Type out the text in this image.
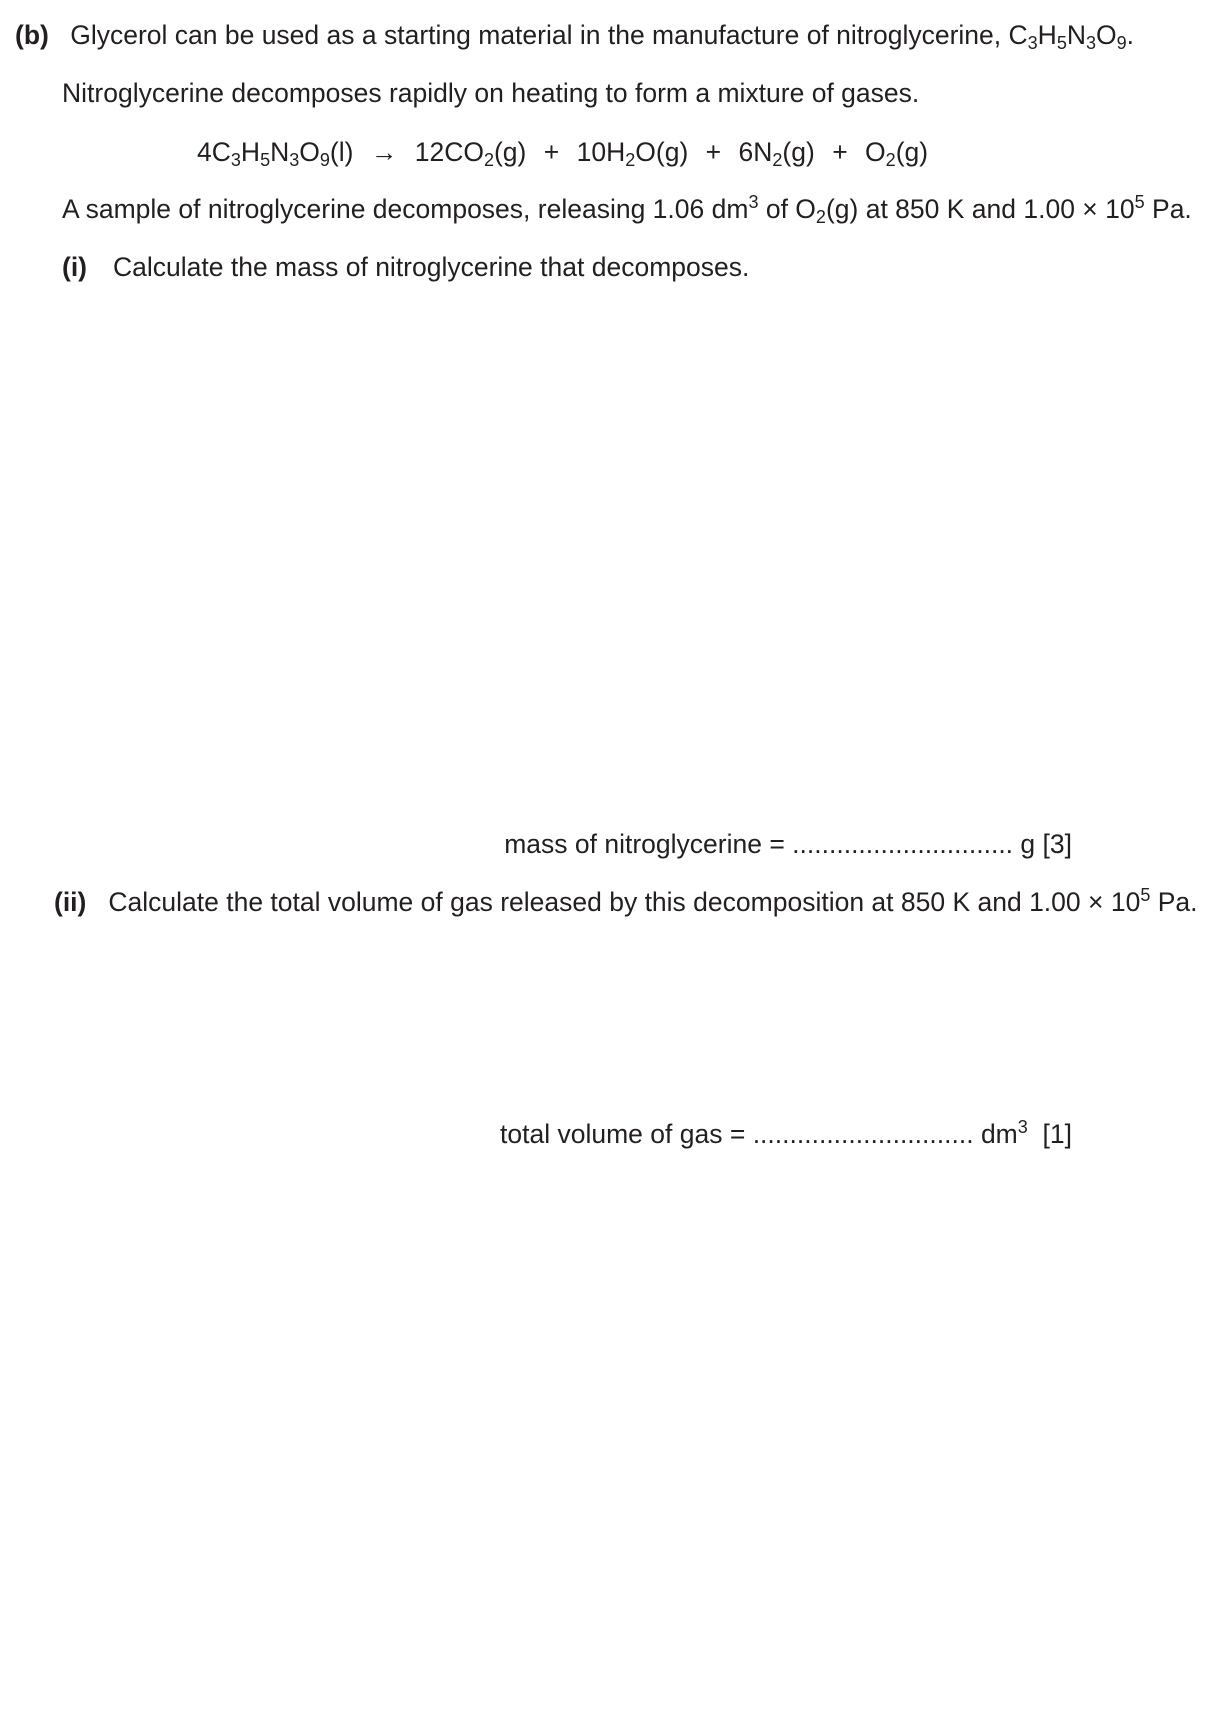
(b) Glycerol can be used as a starting material in the manufacture of nitroglycerine, $C_3H_5N_3O_9$.
Nitroglycerine decomposes rapidly on heating to form a mixture of gases.
$4C_3H_5N_3O_9(l) \to 12CO_2(g) + 10H_2O(g) + 6N_2(g) + O_2(g)$
A sample of nitroglycerine decomposes, releasing 1.06 $dm^3$ of $O_2(g)$ at 850 K and $1.00 \times 10^5$ Pa.
(i) Calculate the mass of nitroglycerine that decomposes.
mass of nitroglycerine = .............................. g [3]
(ii) Calculate the total volume of gas released by this decomposition at 850 K and $1.00 \times 10^5$ Pa.
total volume of gas = .............................. $dm^3$ [1]
